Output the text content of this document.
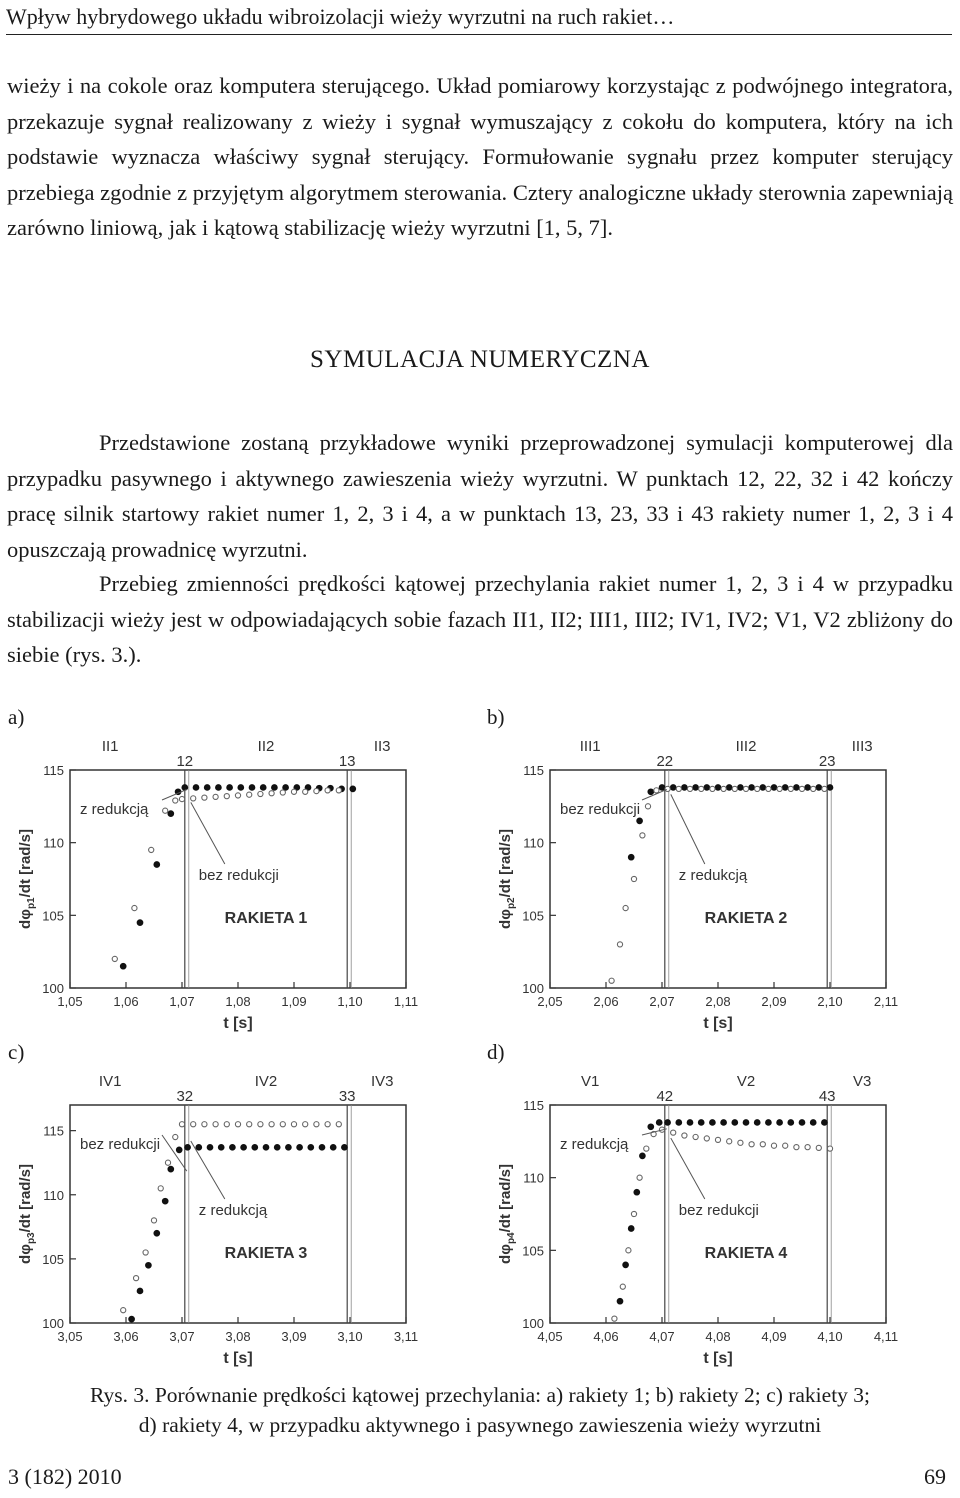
Wpływ hybrydowego układu wibroizolacji wieży wyrzutni na ruch rakiet…

wieży i na cokole oraz komputera sterującego. Układ pomiarowy korzystając z podwójnego integratora, przekazuje sygnał realizowany z wieży i sygnał wymuszający z cokołu do komputera, który na ich podstawie wyznacza właściwy sygnał sterujący. Formułowanie sygnału przez komputer sterujący przebiega zgodnie z przyjętym algorytmem sterowania. Cztery analogiczne układy sterownia zapewniają zarówno liniową, jak i kątową stabilizację wieży wyrzutni [1, 5, 7].

SYMULACJA NUMERYCZNA

Przedstawione zostaną przykładowe wyniki przeprowadzonej symulacji komputerowej dla przypadku pasywnego i aktywnego zawieszenia wieży wyrzutni. W punktach 12, 22, 32 i 42 kończy pracę silnik startowy rakiet numer 1, 2, 3 i 4, a w punktach 13, 23, 33 i 43 rakiety numer 1, 2, 3 i 4 opuszczają prowadnicę wyrzutni.

Przebieg zmienności prędkości kątowej przechylania rakiet numer 1, 2, 3 i 4 w przypadku stabilizacji wieży jest w odpowiadających sobie fazach II1, II2; III1, III2; IV1, IV2; V1, V2 zbliżony do siebie (rys. 3.).

a)	b)
c)	d)
1,05 1,06 1,07 1,08 1,09 1,10 1,11
100
105
110
115
t [s]
$d\varphi_{p1}/dt$ [rad/s]
II1	II2	II3
12	13
z redukcją
bez redukcji
RAKIETA 1
2,05 2,06 2,07 2,08 2,09 2,10 2,11
100
105
110
115
t [s]
$d\varphi_{p2}/dt$ [rad/s]
III1	III2	III3
22	23
bez redukcji
z redukcją
RAKIETA 2
3,05 3,06 3,07 3,08 3,09 3,10 3,11
100
105
110
115
t [s]
$d\varphi_{p3}/dt$ [rad/s]
IV1	IV2	IV3
32	33
bez redukcji
z redukcją
RAKIETA 3
4,05 4,06 4,07 4,08 4,09 4,10 4,11
100
105
110
115
t [s]
$d\varphi_{p4}/dt$ [rad/s]
V1	V2	V3
42	43
z redukcją
bez redukcji
RAKIETA 4
Rys. 3. Porównanie prędkości kątowej przechylania: a) rakiety 1; b) rakiety 2; c) rakiety 3;
d) rakiety 4, w przypadku aktywnego i pasywnego zawieszenia wieży wyrzutni
3 (182) 2010	69
